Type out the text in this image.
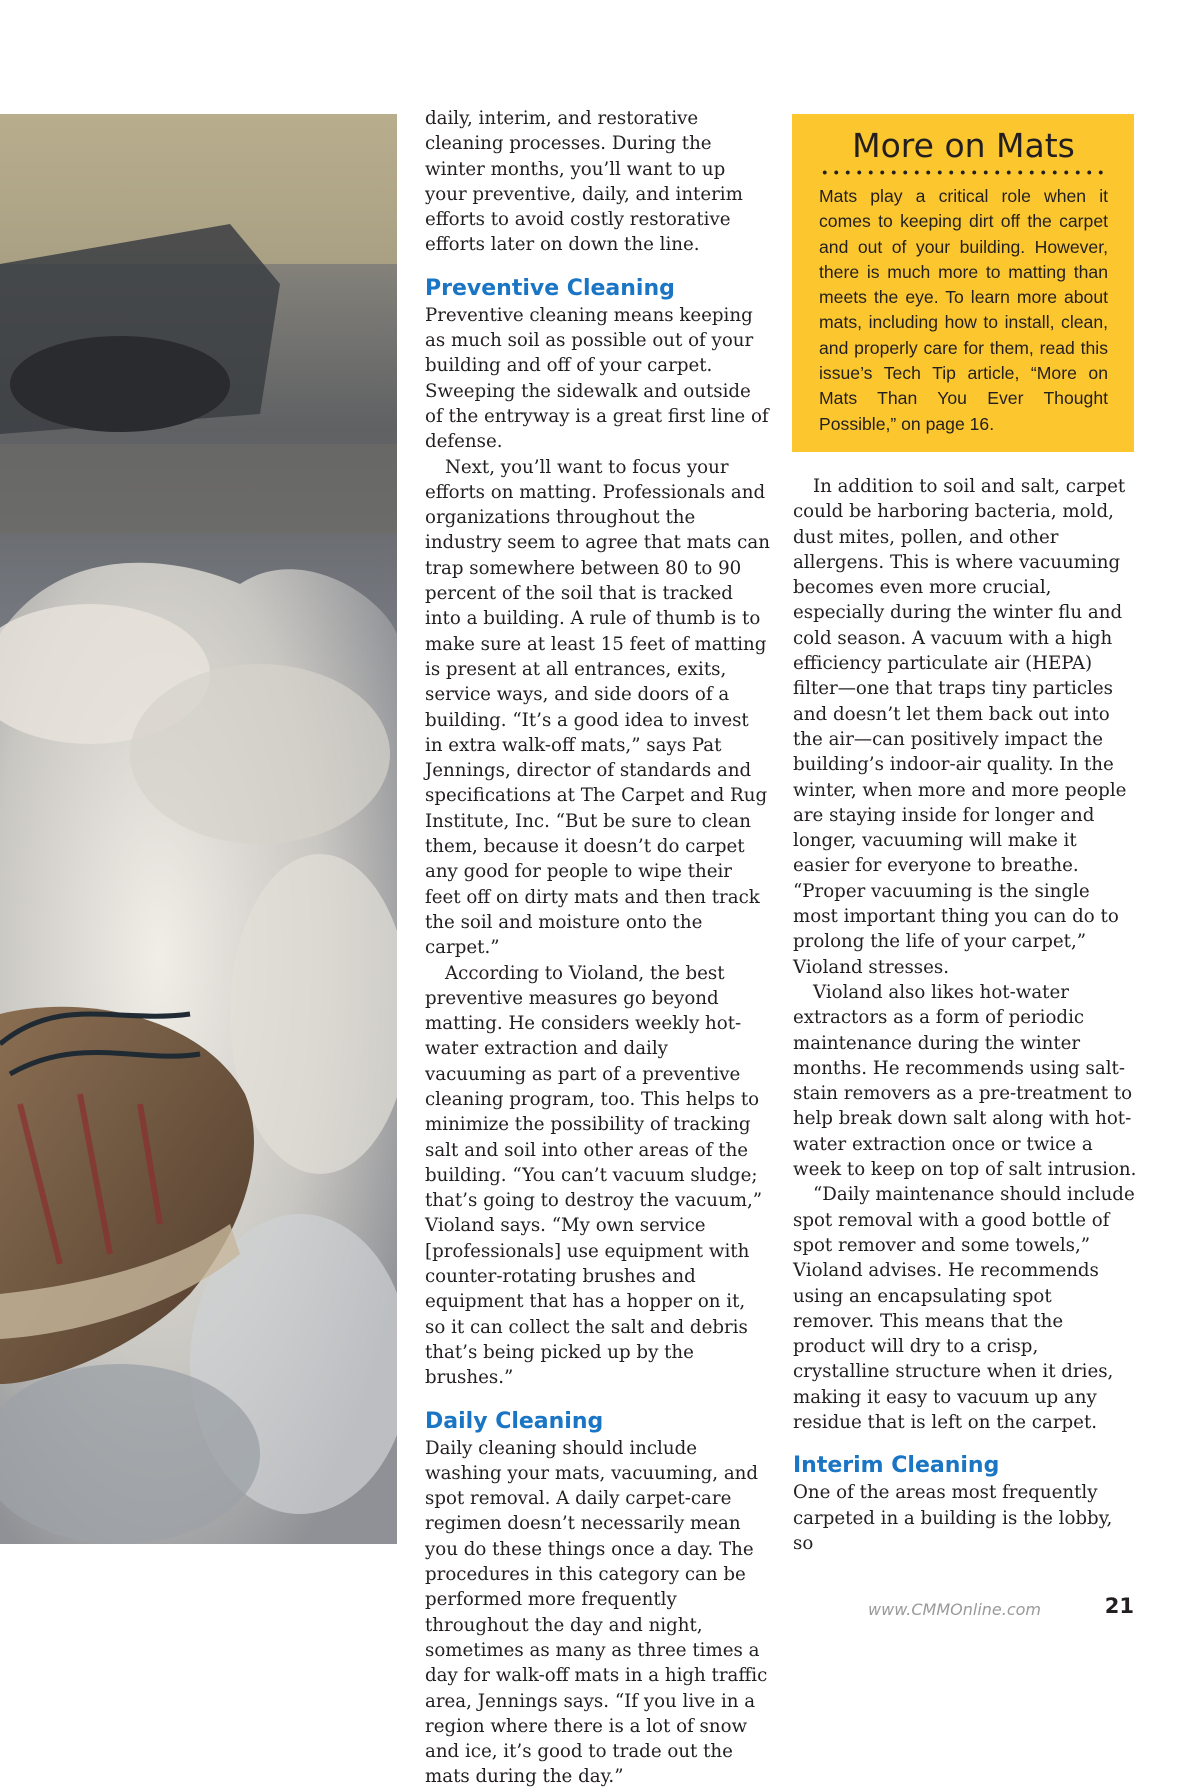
daily, interim, and restorative cleaning processes. During the winter months, you’ll want to up your preventive, daily, and interim efforts to avoid costly restorative efforts later on down the line.

Preventive Cleaning

Preventive cleaning means keeping as much soil as possible out of your building and off of your carpet. Sweeping the sidewalk and outside of the entryway is a great first line of defense.

Next, you’ll want to focus your efforts on matting. Professionals and organizations throughout the industry seem to agree that mats can trap somewhere between 80 to 90 percent of the soil that is tracked into a building. A rule of thumb is to make sure at least 15 feet of matting is present at all entrances, exits, service ways, and side doors of a building. “It’s a good idea to invest in extra walk-off mats,” says Pat Jennings, director of standards and specifications at The Carpet and Rug Institute, Inc. “But be sure to clean them, because it doesn’t do carpet any good for people to wipe their feet off on dirty mats and then track the soil and moisture onto the carpet.”

According to Violand, the best preventive measures go beyond matting. He considers weekly hot-water extraction and daily vacuuming as part of a preventive cleaning program, too. This helps to minimize the possibility of tracking salt and soil into other areas of the building. “You can’t vacuum sludge; that’s going to destroy the vacuum,” Violand says. “My own service [professionals] use equipment with counter-rotating brushes and equipment that has a hopper on it, so it can collect the salt and debris that’s being picked up by the brushes.”

Daily Cleaning

Daily cleaning should include washing your mats, vacuuming, and spot removal. A daily carpet-care regimen doesn’t necessarily mean you do these things once a day. The procedures in this category can be performed more frequently throughout the day and night, sometimes as many as three times a day for walk-off mats in a high traffic area, Jennings says. “If you live in a region where there is a lot of snow and ice, it’s good to trade out the mats during the day.”

More on Mats

Mats play a critical role when it comes to keeping dirt off the carpet and out of your building. However, there is much more to matting than meets the eye. To learn more about mats, including how to install, clean, and properly care for them, read this issue’s Tech Tip article, “More on Mats Than You Ever Thought Possible,” on page 16.

In addition to soil and salt, carpet could be harboring bacteria, mold, dust mites, pollen, and other allergens. This is where vacuuming becomes even more crucial, especially during the winter flu and cold season. A vacuum with a high efficiency particulate air (HEPA) filter—one that traps tiny particles and doesn’t let them back out into the air—can positively impact the building’s indoor-air quality. In the winter, when more and more people are staying inside for longer and longer, vacuuming will make it easier for everyone to breathe. “Proper vacuuming is the single most important thing you can do to prolong the life of your carpet,” Violand stresses.

Violand also likes hot-water extractors as a form of periodic maintenance during the winter months. He recommends using salt-stain removers as a pre-treatment to help break down salt along with hot-water extraction once or twice a week to keep on top of salt intrusion.

“Daily maintenance should include spot removal with a good bottle of spot remover and some towels,” Violand advises. He recommends using an encapsulating spot remover. This means that the product will dry to a crisp, crystalline structure when it dries, making it easy to vacuum up any residue that is left on the carpet.

Interim Cleaning

One of the areas most frequently carpeted in a building is the lobby, so

www.CMMOnline.com	21
